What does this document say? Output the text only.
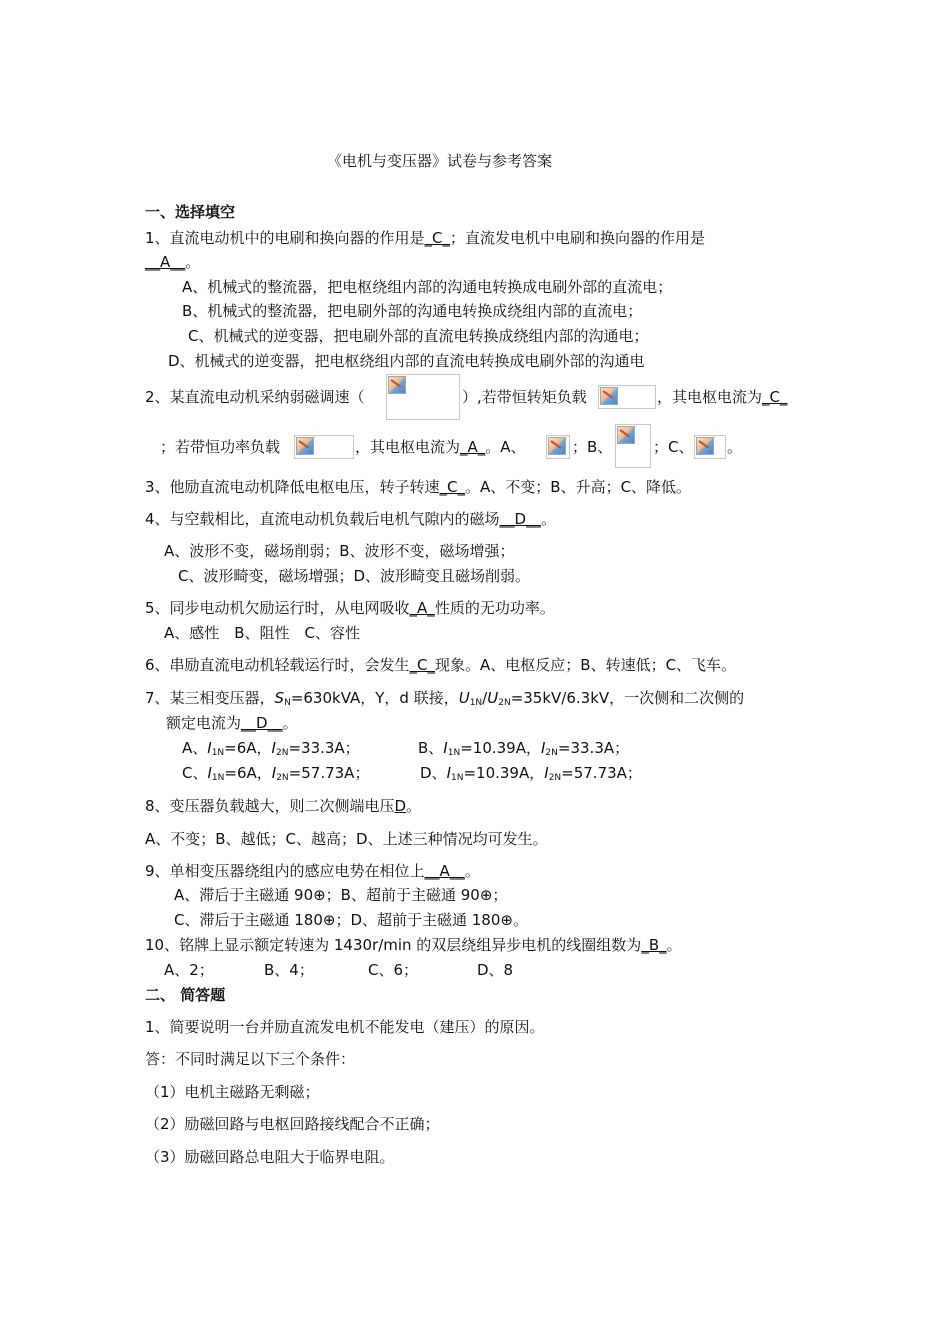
《电机与变压器》试卷与参考答案
一、选择填空
1、直流电动机中的电刷和换向器的作用是_C_；直流发电机中电刷和换向器的作用是
__A__。
A、机械式的整流器，把电枢绕组内部的沟通电转换成电刷外部的直流电；
B、机械式的整流器，把电刷外部的沟通电转换成绕组内部的直流电；
C、机械式的逆变器，把电刷外部的直流电转换成绕组内部的沟通电；
D、机械式的逆变器，把电枢绕组内部的直流电转换成电刷外部的沟通电
2、某直流电动机采纳弱磁调速（	）,若带恒转矩负载	，其电枢电流为_C_
；若带恒功率负载	，其电枢电流为_A_。A、	；B、	；C、 。
3、他励直流电动机降低电枢电压，转子转速_C_。A、不变；B、升高；C、降低。
4、与空载相比，直流电动机负载后电机气隙内的磁场__D__。
A、波形不变，磁场削弱；B、波形不变，磁场增强；
C、波形畸变，磁场增强；D、波形畸变且磁场削弱。
5、同步电动机欠励运行时，从电网吸收_A_性质的无功功率。
A、感性　B、阻性　C、容性
6、串励直流电动机轻载运行时，会发生_C_现象。A、电枢反应；B、转速低；C、飞车。
7、某三相变压器，$S_N=630kVA$，Y，d 联接，$U_{1N}/U_{2N}=35kV/6.3kV$，一次侧和二次侧的
额定电流为__D__。
A、$I_{1N}=6A$，$I_{2N}=33.3A$；	B、$I_{1N}=10.39A$，$I_{2N}=33.3A$；
C、$I_{1N}=6A$，$I_{2N}=57.73A$；	D、$I_{1N}=10.39A$，$I_{2N}=57.73A$；
8、变压器负载越大，则二次侧端电压D。
A、不变；B、越低；C、越高；D、上述三种情况均可发生。
9、单相变压器绕组内的感应电势在相位上__A__。
A、滞后于主磁通 90⊕；B、超前于主磁通 90⊕；
C、滞后于主磁通 180⊕；D、超前于主磁通 180⊕。
10、铭牌上显示额定转速为 1430r/min 的双层绕组异步电机的线圈组数为_B_。
A、2；	B、4；	C、6；	D、8
二、 简答题
1、简要说明一台并励直流发电机不能发电（建压）的原因。
答：不同时满足以下三个条件：
（1）电机主磁路无剩磁；
（2）励磁回路与电枢回路接线配合不正确；
（3）励磁回路总电阻大于临界电阻。
